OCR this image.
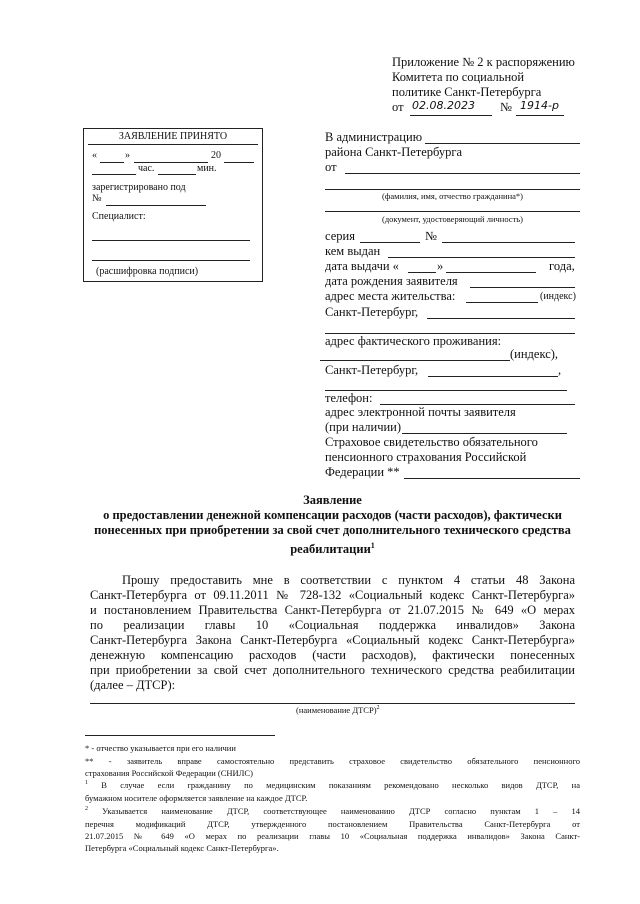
Приложение № 2 к распоряжению
Комитета по социальной
политике Санкт-Петербурга
от 02.08.2023 № 1914-р
ЗАЯВЛЕНИЕ ПРИНЯТО
«	»	20
час.	мин.
зарегистрировано под
№
Специалист:
(расшифровка подписи)
В администрацию
района Санкт-Петербурга
от
(фамилия, имя, отчество гражданина*)
(документ, удостоверяющий личность)
серия	№
кем выдан
дата выдачи «	»	года,
дата рождения заявителя
адрес места жительства:	(индекс)
Санкт-Петербург,
адрес фактического проживания:
(индекс),
Санкт-Петербург,	,
телефон:
адрес электронной почты заявителя
(при наличии)
Страховое свидетельство обязательного
пенсионного страхования Российской
Федерации **
Заявление
о предоставлении денежной компенсации расходов (части расходов), фактически
понесенных при приобретении за свой счет дополнительного технического средства
реабилитации$^1$
Прошу предоставить мне в соответствии с пунктом 4 статьи 48 Закона
Санкт-Петербурга от 09.11.2011 № 728-132 «Социальный кодекс Санкт-Петербурга»
и постановлением Правительства Санкт-Петербурга от 21.07.2015 № 649 «О мерах
по реализации главы 10 «Социальная поддержка инвалидов» Закона
Санкт-Петербурга Закона Санкт-Петербурга «Социальный кодекс Санкт-Петербурга»
денежную компенсацию расходов (части расходов), фактически понесенных
при приобретении за свой счет дополнительного технического средства реабилитации
(далее – ДТСР):
(наименование ДТСР)$^2$
* - отчество указывается при его наличии
** - заявитель вправе самостоятельно представить страховое свидетельство обязательного пенсионного
страхования Российской Федерации (СНИЛС)
$^1$ В случае если гражданину по медицинским показаниям рекомендовано несколько видов ДТСР, на
бумажном носителе оформляется заявление на каждое ДТСР.
$^2$ Указывается наименование ДТСР, соответствующее наименованию ДТСР согласно пунктам 1 – 14
перечня модификаций ДТСР, утвержденного постановлением Правительства Санкт-Петербурга от
21.07.2015 № 649 «О мерах по реализации главы 10 «Социальная поддержка инвалидов» Закона Санкт-
Петербурга «Социальный кодекс Санкт-Петербурга».
